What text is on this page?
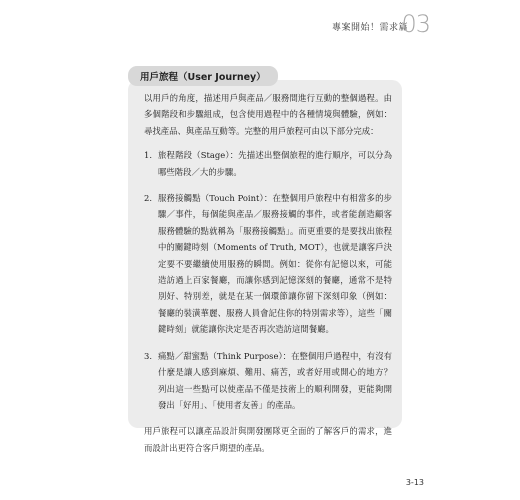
專案開始！需求篇
03
用戶旅程（User Journey）

以用戶的角度，描述用戶與產品／服務間進行互動的整個過程。由多個階段和步驟組成，包含使用過程中的各種情境與體驗，例如：尋找產品、與產品互動等。完整的用戶旅程可由以下部分完成：

1. 旅程階段（Stage）：先描述出整個旅程的進行順序，可以分為哪些階段／大的步驟。
2. 服務接觸點（Touch Point）：在整個用戶旅程中有相當多的步驟／事件，每個能與產品／服務接觸的事件，或者能創造顧客服務體驗的點就稱為「服務接觸點」。而更重要的是要找出旅程中的關鍵時刻（Moments of Truth, MOT），也就是讓客戶決定要不要繼續使用服務的瞬間。例如：從你有記憶以來，可能造訪過上百家餐廳，而讓你感到記憶深刻的餐廳，通常不是特別好、特別差，就是在某一個環節讓你留下深刻印象（例如：餐廳的裝潢華麗、服務人員會記住你的特別需求等），這些「關鍵時刻」就能讓你決定是否再次造訪這間餐廳。
3. 痛點／甜蜜點（Think Purpose）：在整個用戶過程中，有沒有什麼是讓人感到麻煩、難用、痛苦，或者好用或開心的地方？列出這一些點可以使產品不僅是技術上的順利開發，更能夠開發出「好用」、「使用者友善」的產品。

用戶旅程可以讓產品設計與開發團隊更全面的了解客戶的需求，進而設計出更符合客戶期望的產品。

3-13
